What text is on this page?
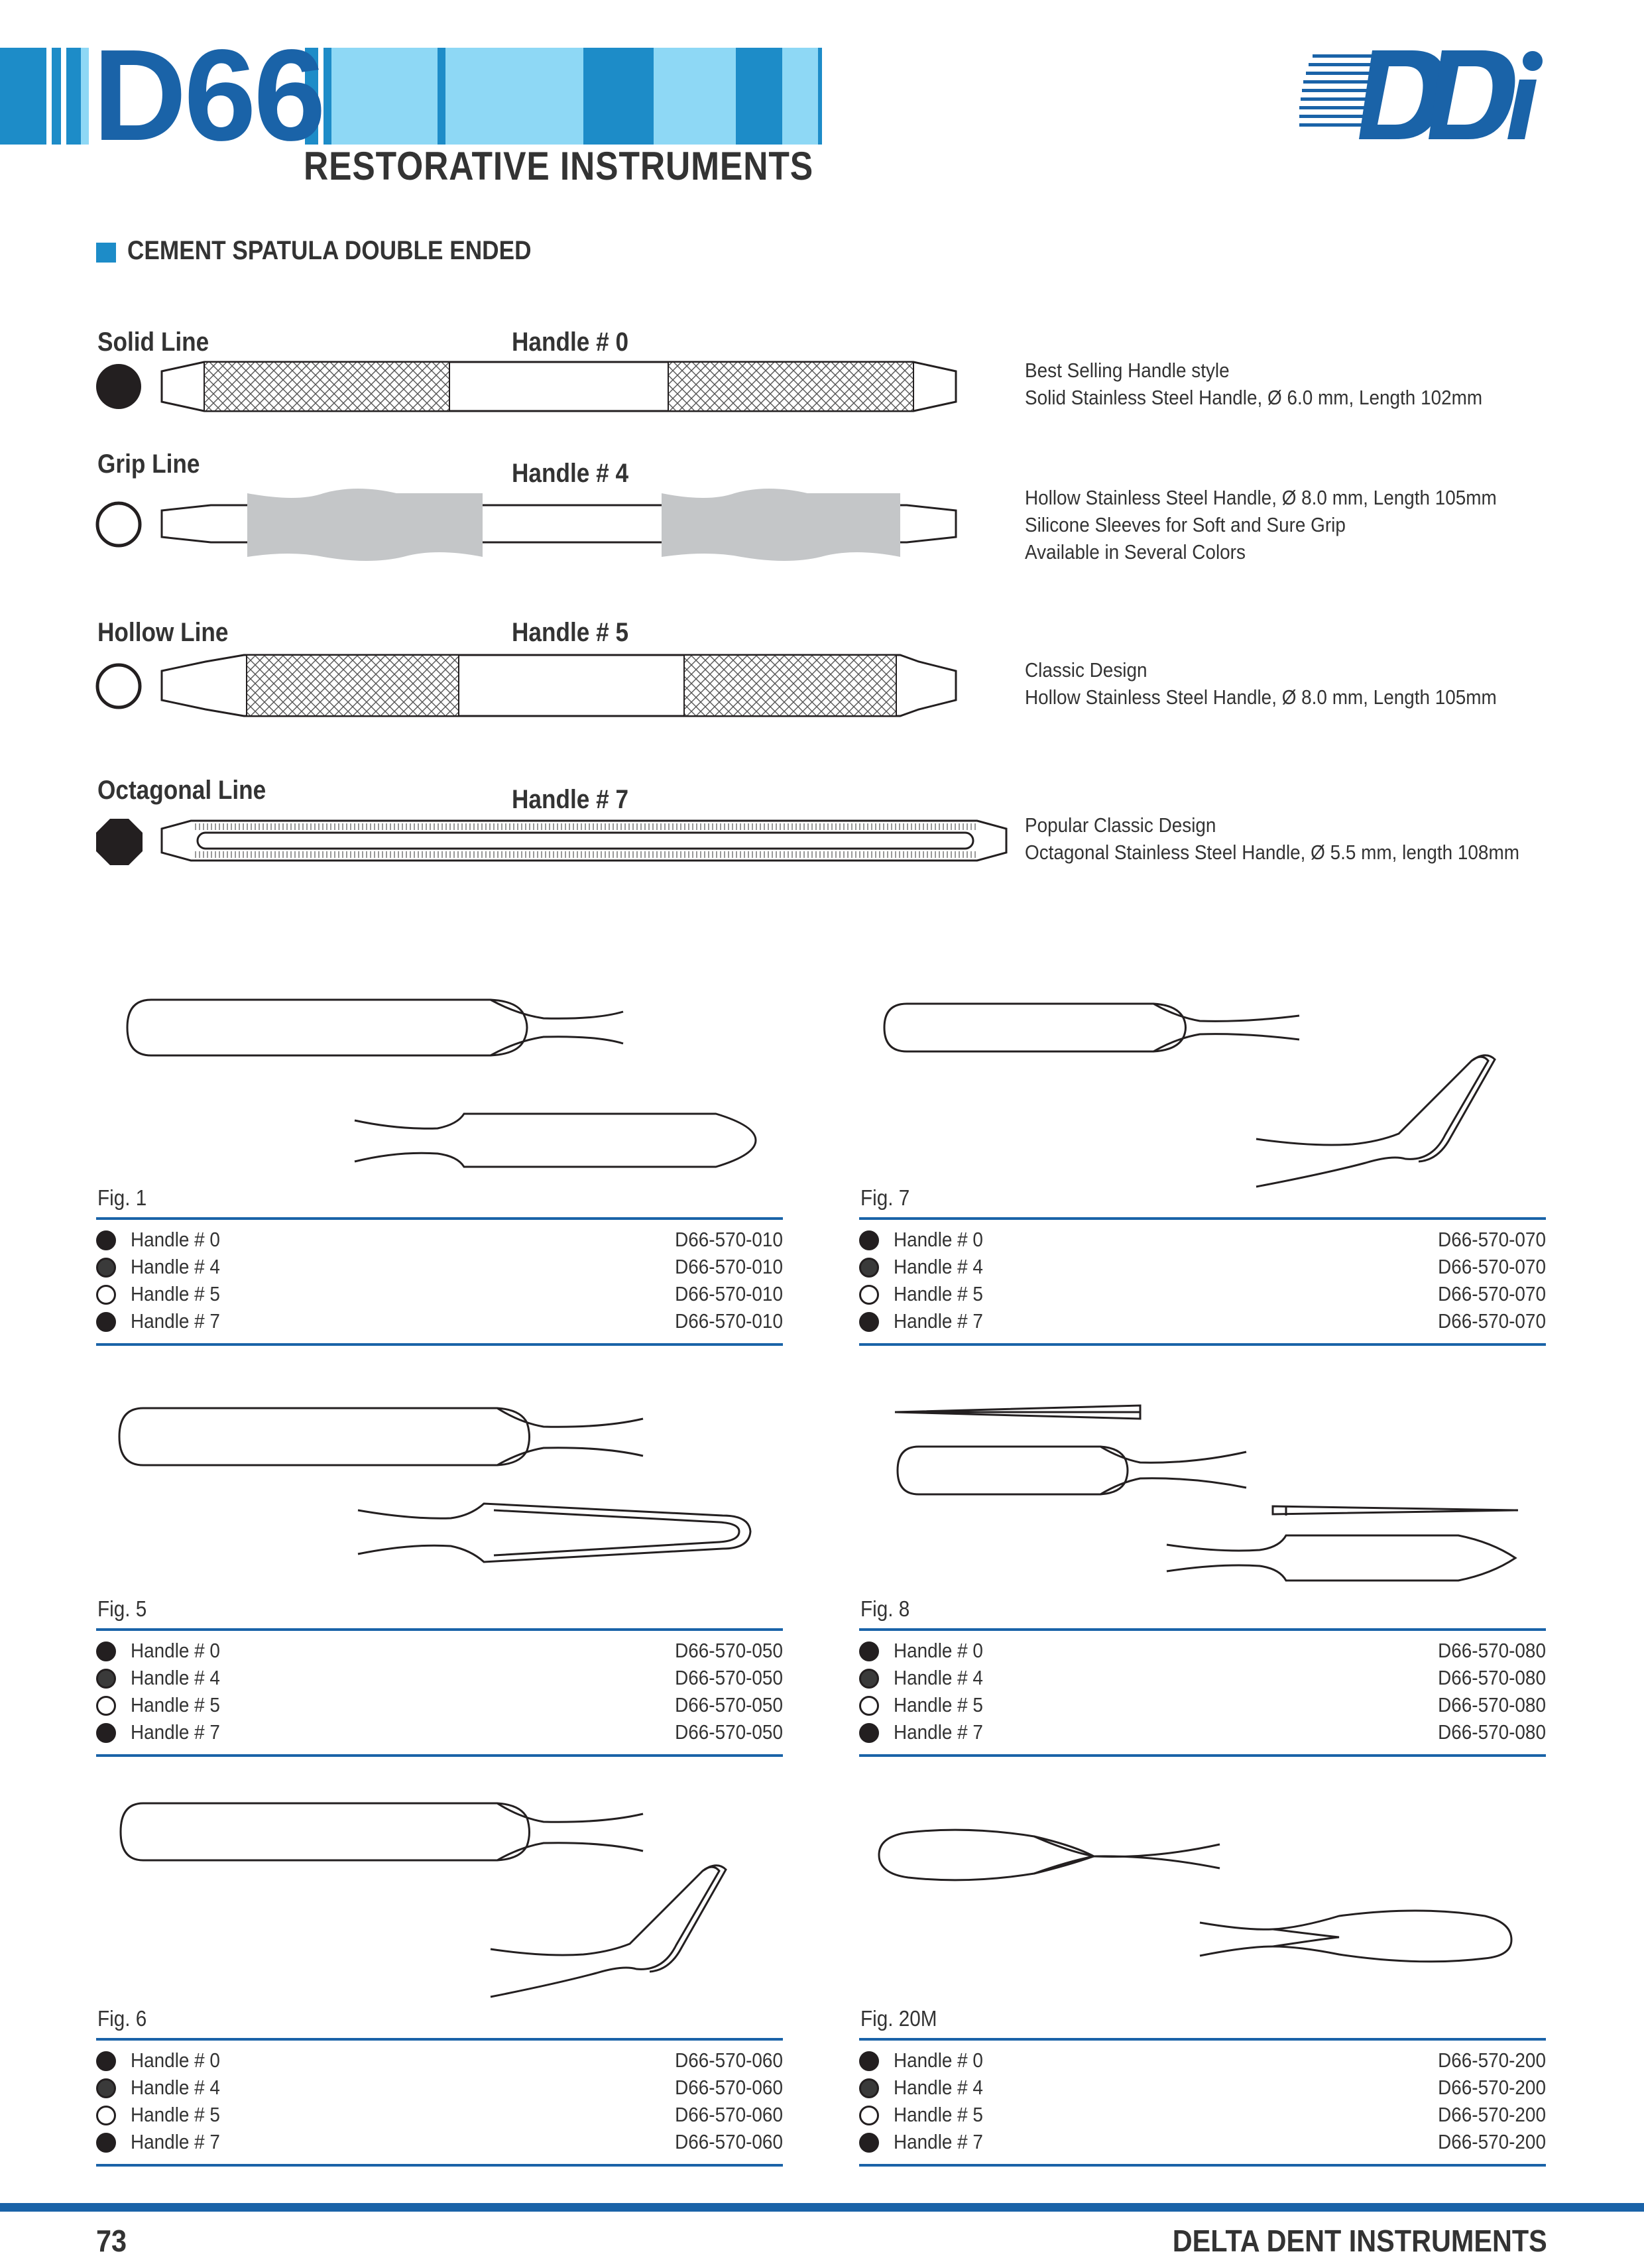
D66
RESTORATIVE INSTRUMENTS
CEMENT SPATULA DOUBLE ENDED
Solid Line	Handle # 0
Best Selling Handle style
Solid Stainless Steel Handle, Ø 6.0 mm, Length 102mm
Grip Line	Handle # 4
Hollow Stainless Steel Handle, Ø 8.0 mm, Length 105mm
Silicone Sleeves for Soft and Sure Grip
Available in Several Colors
Hollow Line	Handle # 5
Classic Design
Hollow Stainless Steel Handle, Ø 8.0 mm, Length 105mm
Octagonal Line	Handle # 7
Popular Classic Design
Octagonal Stainless Steel Handle, Ø 5.5 mm, length 108mm
Fig. 1
Handle # 0	D66-570-010
Handle # 4	D66-570-010
Handle # 5	D66-570-010
Handle # 7	D66-570-010
Fig. 7
Handle # 0	D66-570-070
Handle # 4	D66-570-070
Handle # 5	D66-570-070
Handle # 7	D66-570-070
Fig. 5
Handle # 0	D66-570-050
Handle # 4	D66-570-050
Handle # 5	D66-570-050
Handle # 7	D66-570-050
Fig. 8
Handle # 0	D66-570-080
Handle # 4	D66-570-080
Handle # 5	D66-570-080
Handle # 7	D66-570-080
Fig. 6
Handle # 0	D66-570-060
Handle # 4	D66-570-060
Handle # 5	D66-570-060
Handle # 7	D66-570-060
Fig. 20M
Handle # 0	D66-570-200
Handle # 4	D66-570-200
Handle # 5	D66-570-200
Handle # 7	D66-570-200
73	DELTA DENT INSTRUMENTS
